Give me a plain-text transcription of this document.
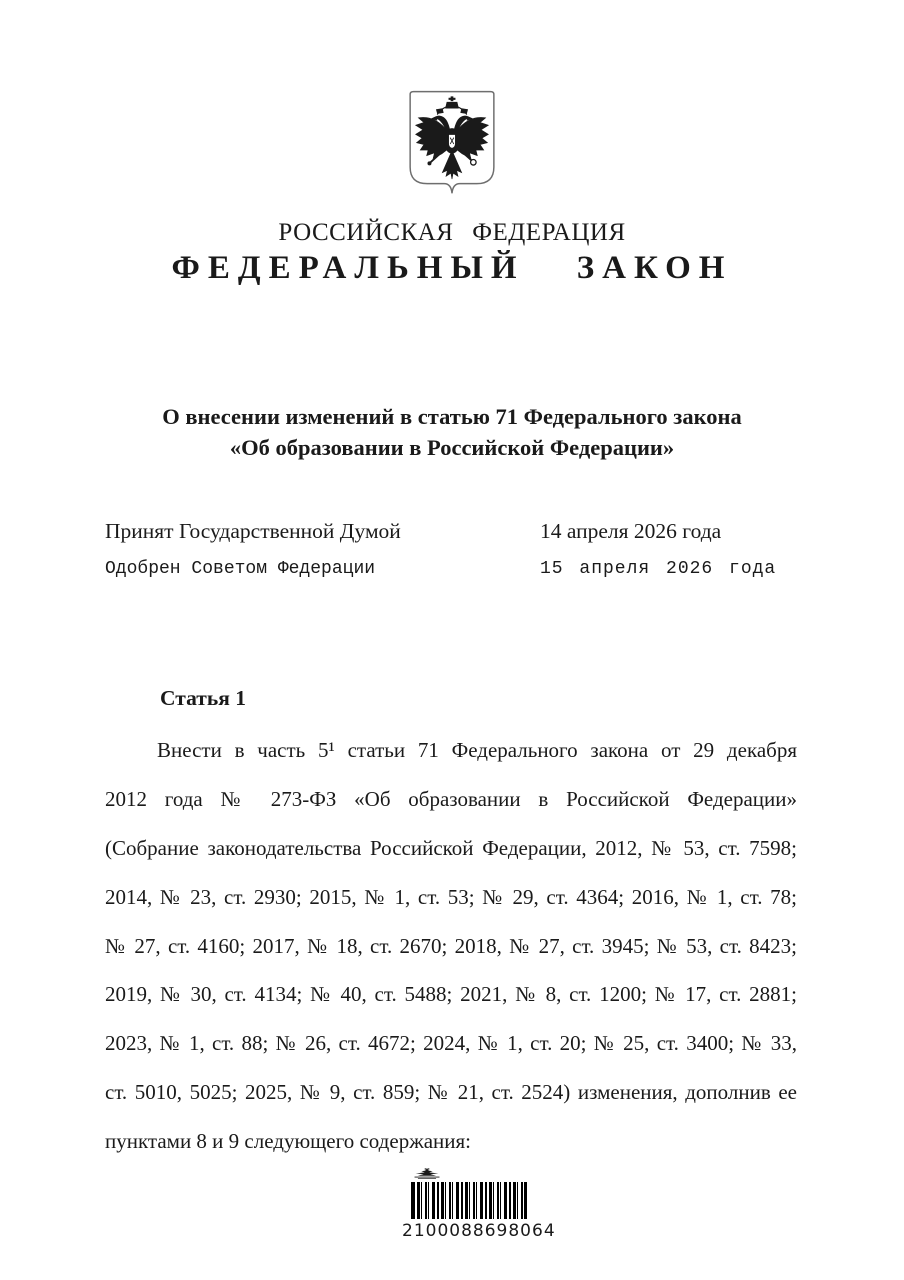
РОССИЙСКАЯ ФЕДЕРАЦИЯ
ФЕДЕРАЛЬНЫЙ ЗАКОН
О внесении изменений в статью 71 Федерального закона
«Об образовании в Российской Федерации»
Принят Государственной Думой	14 апреля 2026 года
Одобрен Советом Федерации	15 апреля 2026 года
Статья 1
Внести в часть 5¹ статьи 71 Федерального закона от 29 декабря
2012 года № 273-ФЗ «Об образовании в Российской Федерации»
(Собрание законодательства Российской Федерации, 2012, № 53, ст. 7598;
2014, № 23, ст. 2930; 2015, № 1, ст. 53; № 29, ст. 4364; 2016, № 1, ст. 78;
№ 27, ст. 4160; 2017, № 18, ст. 2670; 2018, № 27, ст. 3945; № 53, ст. 8423;
2019, № 30, ст. 4134; № 40, ст. 5488; 2021, № 8, ст. 1200; № 17, ст. 2881;
2023, № 1, ст. 88; № 26, ст. 4672; 2024, № 1, ст. 20; № 25, ст. 3400; № 33,
ст. 5010, 5025; 2025, № 9, ст. 859; № 21, ст. 2524) изменения, дополнив ее
пунктами 8 и 9 следующего содержания:
2 100088 69806 4
